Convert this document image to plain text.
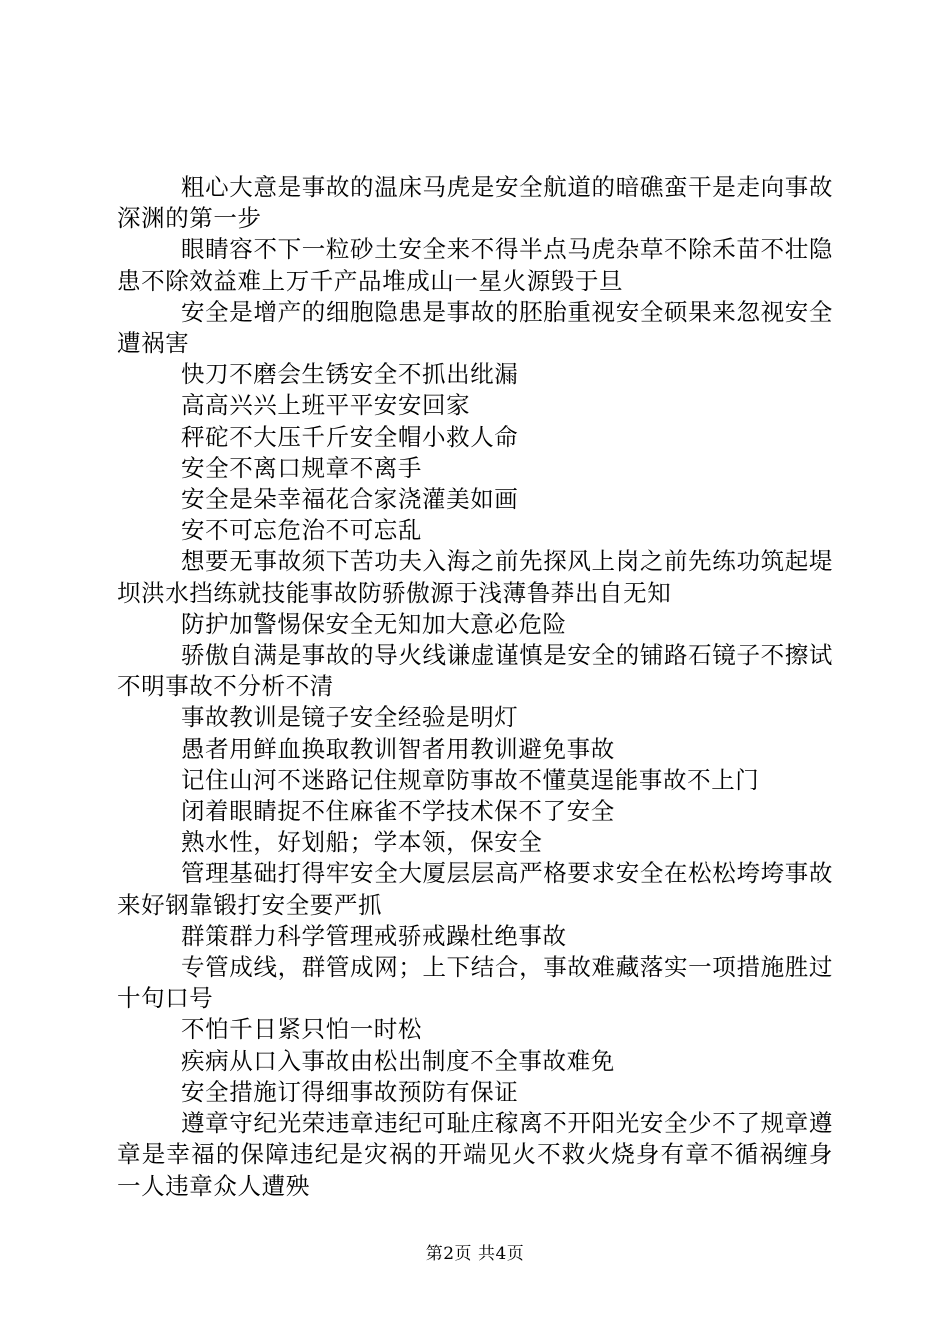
粗心大意是事故的温床马虎是安全航道的暗礁蛮干是走向事故深渊的第一步

眼睛容不下一粒砂土安全来不得半点马虎杂草不除禾苗不壮隐患不除效益难上万千产品堆成山一星火源毁于旦

安全是增产的细胞隐患是事故的胚胎重视安全硕果来忽视安全遭祸害

快刀不磨会生锈安全不抓出纰漏

高高兴兴上班平平安安回家

秤砣不大压千斤安全帽小救人命

安全不离口规章不离手

安全是朵幸福花合家浇灌美如画

安不可忘危治不可忘乱

想要无事故须下苦功夫入海之前先探风上岗之前先练功筑起堤坝洪水挡练就技能事故防骄傲源于浅薄鲁莽出自无知

防护加警惕保安全无知加大意必危险

骄傲自满是事故的导火线谦虚谨慎是安全的铺路石镜子不擦试不明事故不分析不清

事故教训是镜子安全经验是明灯

愚者用鲜血换取教训智者用教训避免事故

记住山河不迷路记住规章防事故不懂莫逞能事故不上门

闭着眼睛捉不住麻雀不学技术保不了安全

熟水性，好划船；学本领，保安全

管理基础打得牢安全大厦层层高严格要求安全在松松垮垮事故来好钢靠锻打安全要严抓

群策群力科学管理戒骄戒躁杜绝事故

专管成线，群管成网；上下结合，事故难藏落实一项措施胜过十句口号

不怕千日紧只怕一时松

疾病从口入事故由松出制度不全事故难免

安全措施订得细事故预防有保证

遵章守纪光荣违章违纪可耻庄稼离不开阳光安全少不了规章遵章是幸福的保障违纪是灾祸的开端见火不救火烧身有章不循祸缠身一人违章众人遭殃

第2页 共4页
